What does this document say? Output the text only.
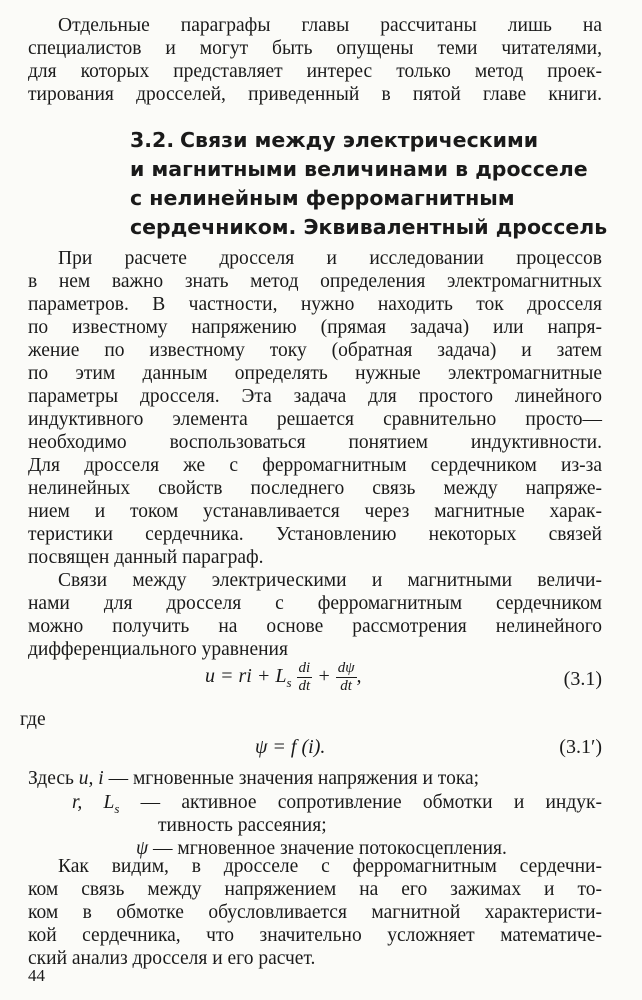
Отдельные параграфы главы рассчитаны лишь на
специалистов и могут быть опущены теми читателями,
для которых представляет интерес только метод проек-
тирования дросселей, приведенный в пятой главе книги.

3.2. Связи между электрическими
и магнитными величинами в дросселе
с нелинейным ферромагнитным
сердечником. Эквивалентный дроссель

При расчете дросселя и исследовании процессов
в нем важно знать метод определения электромагнитных
параметров. В частности, нужно находить ток дросселя
по известному напряжению (прямая задача) или напря-
жение по известному току (обратная задача) и затем
по этим данным определять нужные электромагнитные
параметры дросселя. Эта задача для простого линейного
индуктивного элемента решается сравнительно просто—
необходимо воспользоваться понятием индуктивности.
Для дросселя же с ферромагнитным сердечником из-за
нелинейных свойств последнего связь между напряже-
нием и током устанавливается через магнитные харак-
теристики сердечника. Установлению некоторых связей
посвящен данный параграф.

Связи между электрическими и магнитными величи-
нами для дросселя с ферромагнитным сердечником
можно получить на основе рассмотрения нелинейного
дифференциального уравнения

u = ri + $L_s \frac{di}{dt} + \frac{d\psi}{dt}$ ,	(3.1)
где
ψ = f (i).	(3.1′)
Здесь u, i — мгновенные значения напряжения и тока;
r, $L_s$ — активное сопротивление обмотки и индук-
тивность рассеяния;
ψ — мгновенное значение потокосцепления.

Как видим, в дросселе с ферромагнитным сердечни-
ком связь между напряжением на его зажимах и то-
ком в обмотке обусловливается магнитной характеристи-
кой сердечника, что значительно усложняет математиче-
ский анализ дросселя и его расчет.

44
